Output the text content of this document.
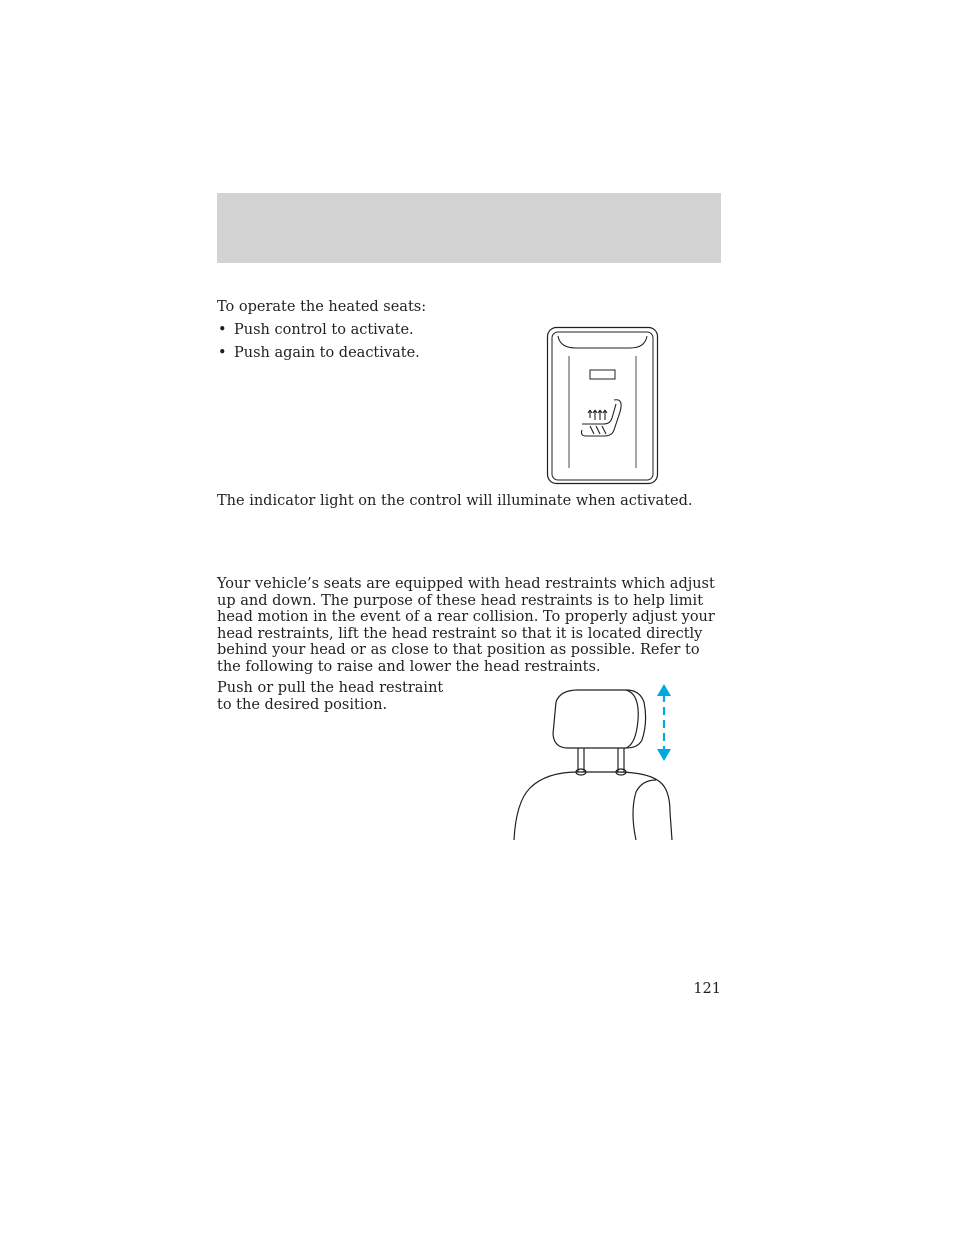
To operate the heated seats:
• Push control to activate.
• Push again to deactivate.
The indicator light on the control will illuminate when activated.
Your vehicle’s seats are equipped with head restraints which adjust up and down. The purpose of these head restraints is to help limit head motion in the event of a rear collision. To properly adjust your head restraints, lift the head restraint so that it is located directly behind your head or as close to that position as possible. Refer to the following to raise and lower the head restraints.
Push or pull the head restraint to the desired position.
121
